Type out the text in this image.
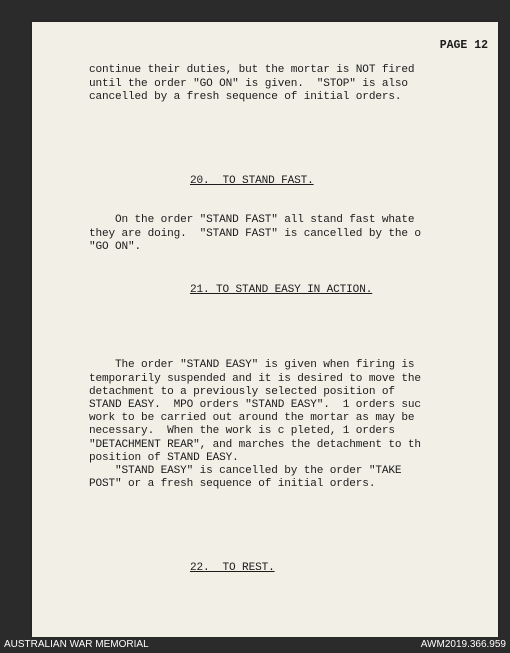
PAGE 12

continue their duties, but the mortar is NOT fired
until the order "GO ON" is given.  "STOP" is also
cancelled by a fresh sequence of initial orders.

20.  TO STAND FAST.

On the order "STAND FAST" all stand fast whate
they are doing.  "STAND FAST" is cancelled by the o
"GO ON".

21. TO STAND EASY IN ACTION.

The order "STAND EASY" is given when firing is
temporarily suspended and it is desired to move the
detachment to a previously selected position of
STAND EASY.  MPO orders "STAND EASY".  1 orders suc
work to be carried out around the mortar as may be
necessary.  When the work is c pleted, 1 orders
"DETACHMENT REAR", and marches the detachment to th
position of STAND EASY.
"STAND EASY" is cancelled by the order "TAKE
POST" or a fresh sequence of initial orders.

22.  TO REST.

AUSTRALIAN WAR MEMORIAL	AWM2019.366.959
